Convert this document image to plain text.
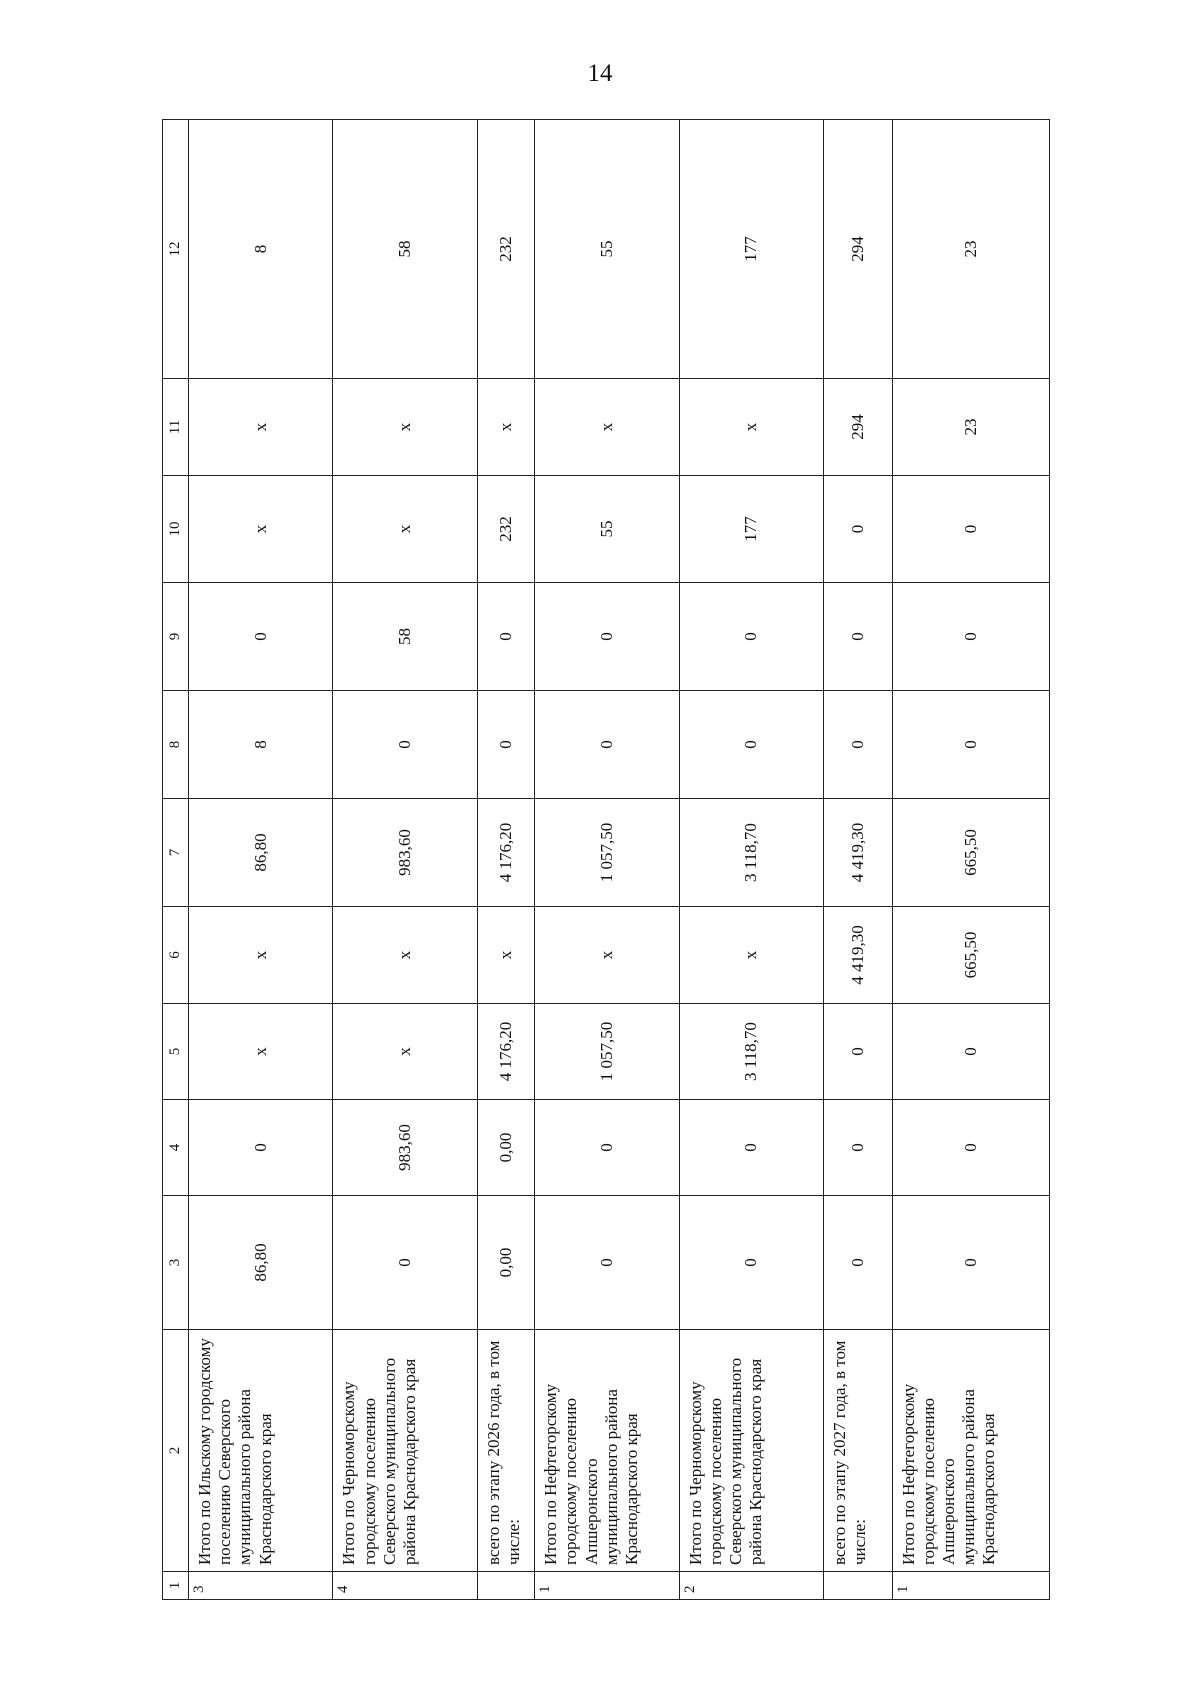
14
1	2	3	4	5	6	7	8	9	10	11	12
3	Итого по Ильскому городскому поселению Северского муниципального района Краснодарского края	86,80	0	х	х	86,80	8	0	х	х	8
4	Итого по Черноморскому городскому поселению Северского муниципального района Краснодарского края	0	983,60	х	х	983,60	0	58	х	х	58
	всего по этапу 2026 года, в том числе:	0,00	0,00	4 176,20	х	4 176,20	0	0	232	х	232
1	Итого по Нефтегорскому городскому поселению Апшеронского муниципального района Краснодарского края	0	0	1 057,50	х	1 057,50	0	0	55	х	55
2	Итого по Черноморскому городскому поселению Северского муниципального района Краснодарского края	0	0	3 118,70	х	3 118,70	0	0	177	х	177
	всего по этапу 2027 года, в том числе:	0	0	0	4 419,30	4 419,30	0	0	0	294	294
1	Итого по Нефтегорскому городскому поселению Апшеронского муниципального района Краснодарского края	0	0	0	665,50	665,50	0	0	0	23	23
